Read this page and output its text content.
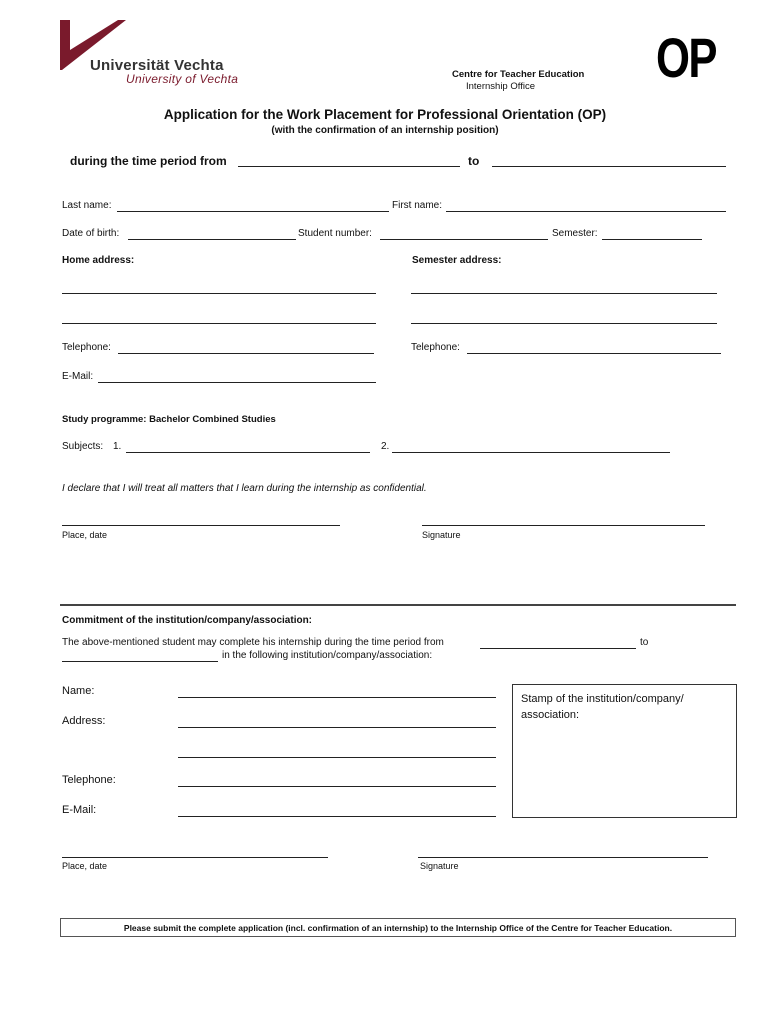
Universität Vechta
University of Vechta	Centre for Teacher Education
Internship Office OP
Application for the Work Placement for Professional Orientation (OP)
(with the confirmation of an internship position)
during the time period from	to
Last name:	First name:
Date of birth:	Student number:	Semester:
Home address:	Semester address:
Telephone:	Telephone:
E-Mail:
Study programme: Bachelor Combined Studies
Subjects: 1.	2.
I declare that I will treat all matters that I learn during the internship as confidential.
Place, date	Signature
Commitment of the institution/company/association:
The above-mentioned student may complete his internship during the time period from	to
in the following institution/company/association:
Name:
Address:
Telephone:
E-Mail:
Stamp of the institution/company/ association:
Place, date	Signature
Please submit the complete application (incl. confirmation of an internship) to the Internship Office of the Centre for Teacher Education.
